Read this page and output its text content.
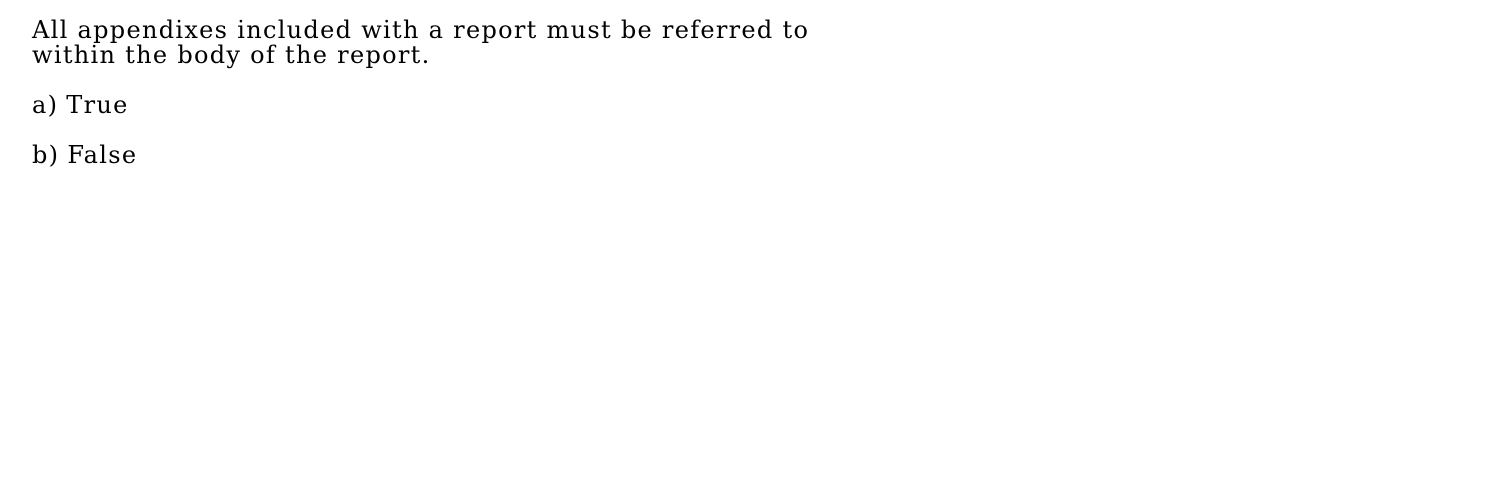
All appendixes included with a report must be referred to
within the body of the report.

a) True

b) False
